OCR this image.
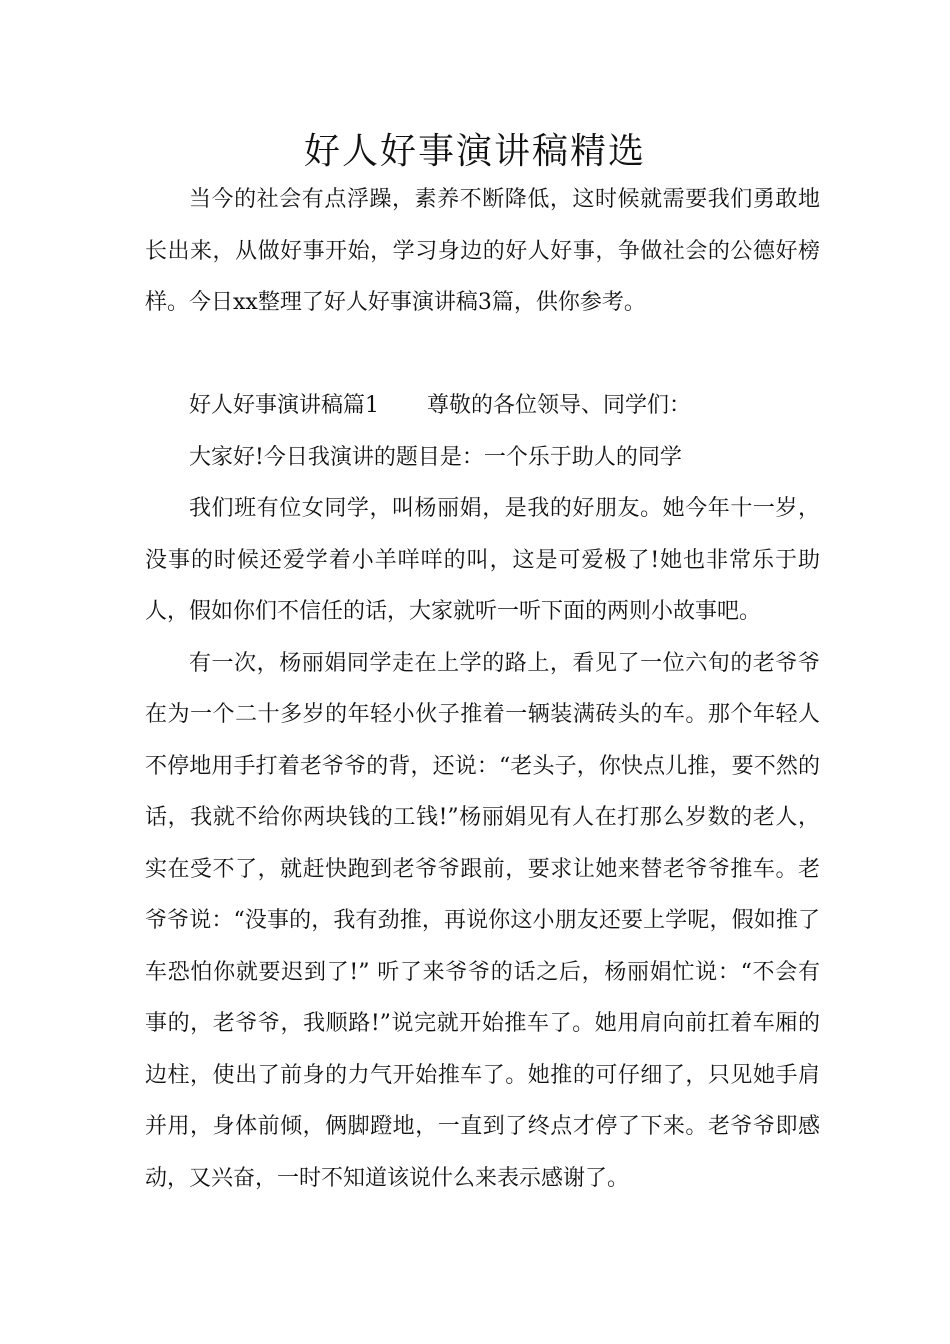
好人好事演讲稿精选

当今的社会有点浮躁，素养不断降低，这时候就需要我们勇敢地长出来，从做好事开始，学习身边的好人好事，争做社会的公德好榜样。今日xx整理了好人好事演讲稿3篇，供你参考。

好人好事演讲稿篇1 尊敬的各位领导、同学们：

大家好!今日我演讲的题目是：一个乐于助人的同学

我们班有位女同学，叫杨丽娟，是我的好朋友。她今年十一岁，没事的时候还爱学着小羊咩咩的叫，这是可爱极了!她也非常乐于助人，假如你们不信任的话，大家就听一听下面的两则小故事吧。

有一次，杨丽娟同学走在上学的路上，看见了一位六旬的老爷爷在为一个二十多岁的年轻小伙子推着一辆装满砖头的车。那个年轻人不停地用手打着老爷爷的背，还说：“老头子，你快点儿推，要不然的话，我就不给你两块钱的工钱!”杨丽娟见有人在打那么岁数的老人，实在受不了，就赶快跑到老爷爷跟前，要求让她来替老爷爷推车。老爷爷说：“没事的，我有劲推，再说你这小朋友还要上学呢，假如推了车恐怕你就要迟到了!” 听了来爷爷的话之后，杨丽娟忙说：“不会有事的，老爷爷，我顺路!”说完就开始推车了。她用肩向前扛着车厢的边柱，使出了前身的力气开始推车了。她推的可仔细了，只见她手肩并用，身体前倾，俩脚蹬地，一直到了终点才停了下来。老爷爷即感动，又兴奋，一时不知道该说什么来表示感谢了。
